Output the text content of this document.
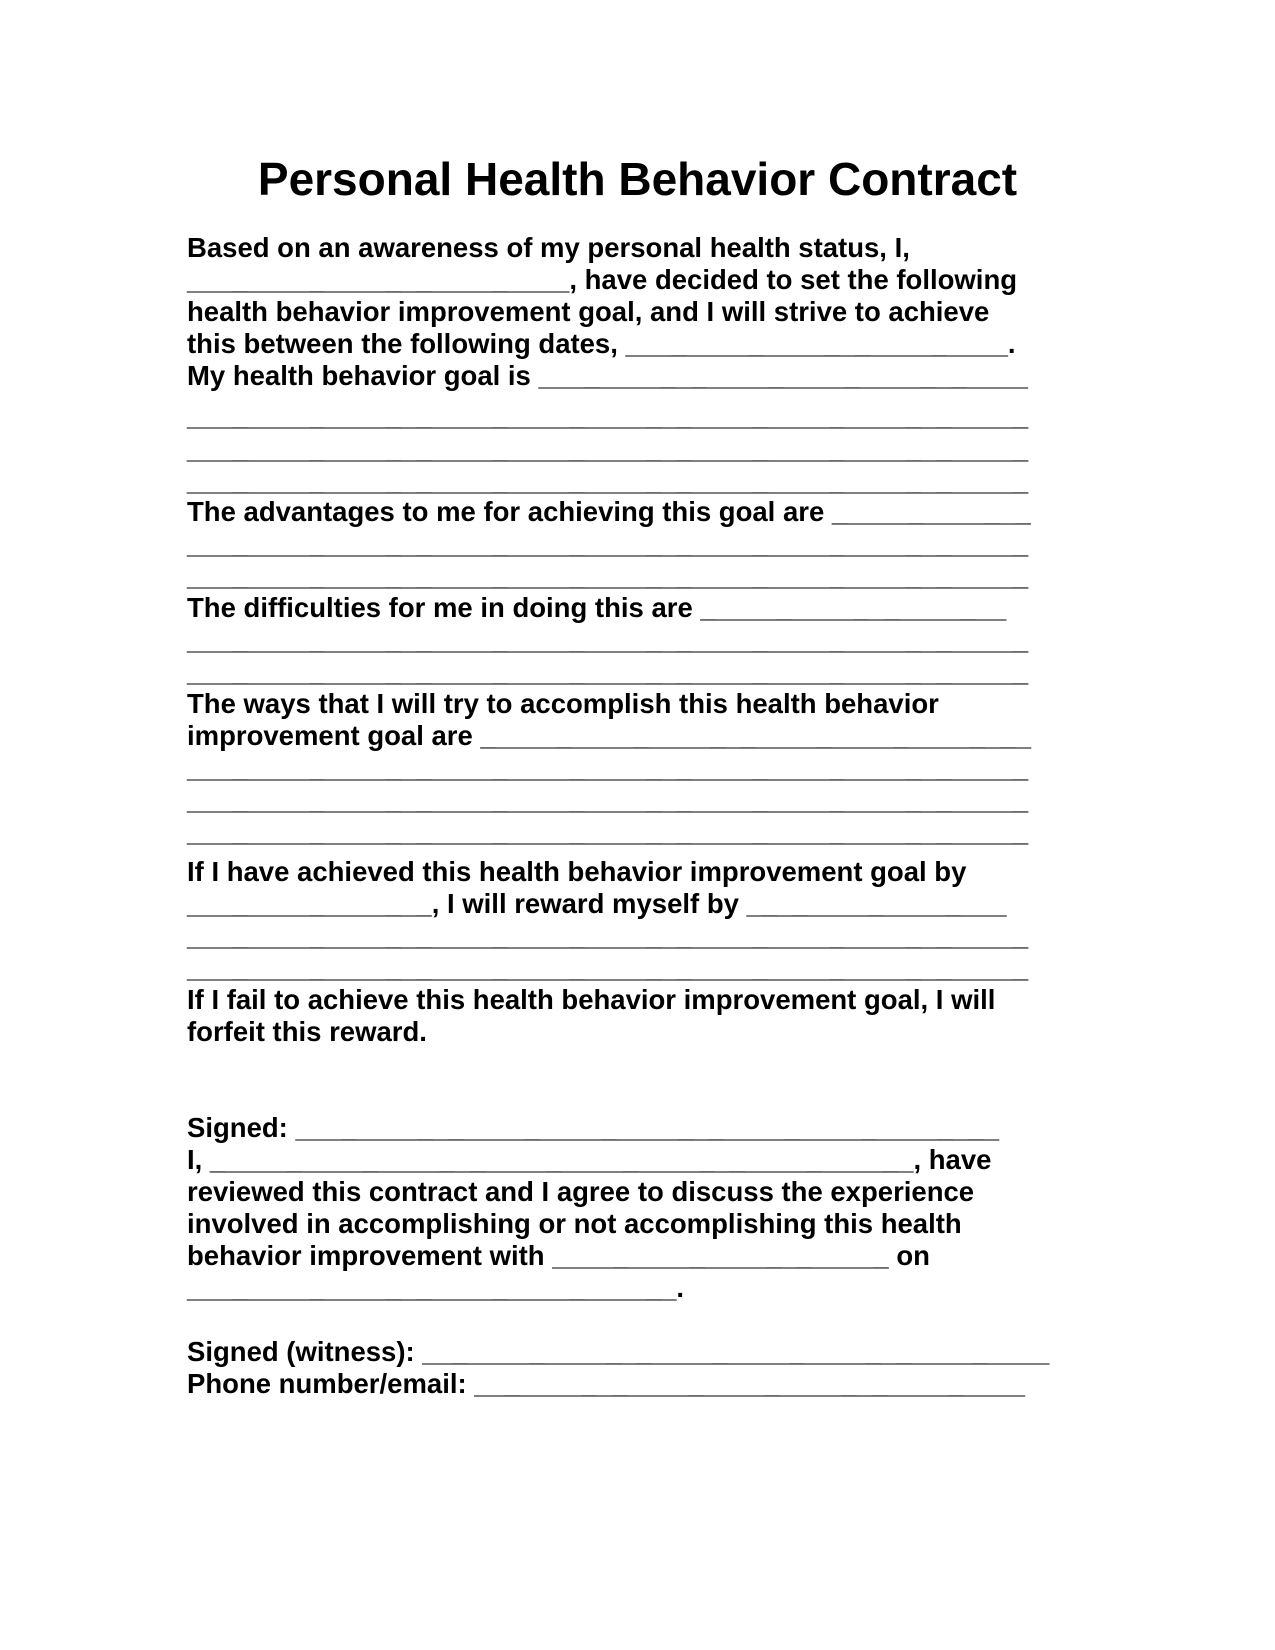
Personal Health Behavior Contract
Based on an awareness of my personal health status, I,
_________________________, have decided to set the following
health behavior improvement goal, and I will strive to achieve
this between the following dates, _________________________.
My health behavior goal is ________________________________
_______________________________________________________
_______________________________________________________
_______________________________________________________
The advantages to me for achieving this goal are _____________
_______________________________________________________
_______________________________________________________
The difficulties for me in doing this are ____________________
_______________________________________________________
_______________________________________________________
The ways that I will try to accomplish this health behavior
improvement goal are ____________________________________
_______________________________________________________
_______________________________________________________
_______________________________________________________
If I have achieved this health behavior improvement goal by
________________, I will reward myself by _________________
_______________________________________________________
_______________________________________________________
If I fail to achieve this health behavior improvement goal, I will
forfeit this reward.
Signed: ______________________________________________
I, ______________________________________________, have
reviewed this contract and I agree to discuss the experience
involved in accomplishing or not accomplishing this health
behavior improvement with ______________________ on
________________________________.
Signed (witness): _________________________________________
Phone number/email: ____________________________________
